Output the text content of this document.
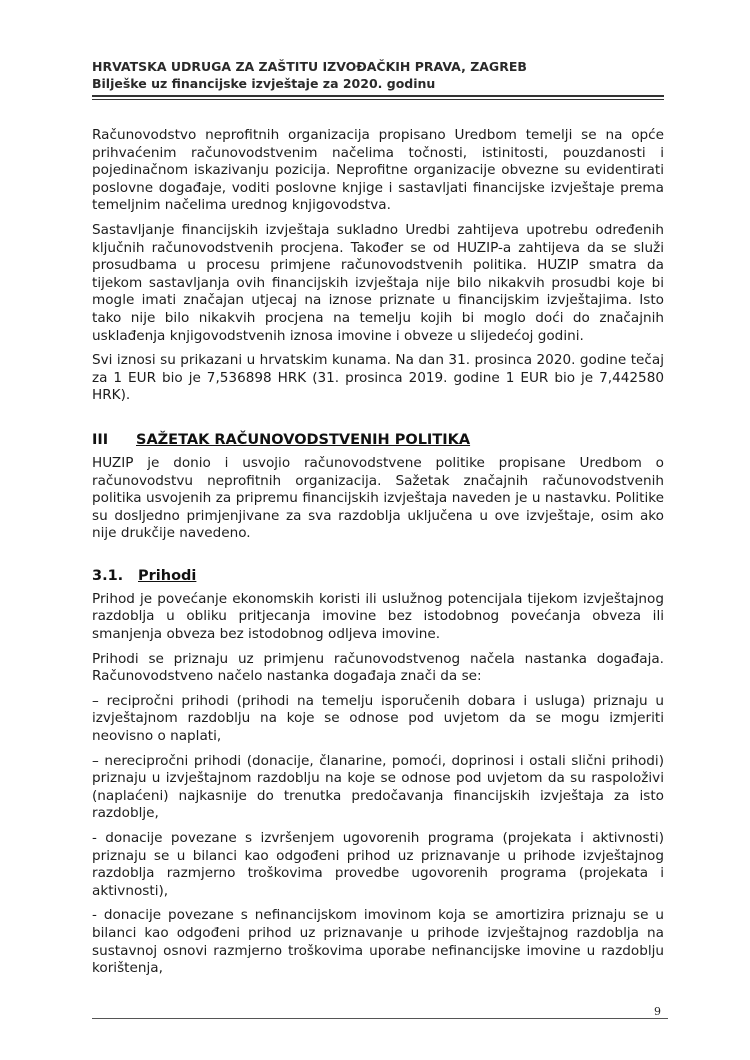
HRVATSKA UDRUGA ZA ZAŠTITU IZVOĐAČKIH PRAVA, ZAGREB
Bilješke uz financijske izvještaje za 2020. godinu

Računovodstvo neprofitnih organizacija propisano Uredbom temelji se na opće prihvaćenim računovodstvenim načelima točnosti, istinitosti, pouzdanosti i pojedinačnom iskazivanju pozicija. Neprofitne organizacije obvezne su evidentirati poslovne događaje, voditi poslovne knjige i sastavljati financijske izvještaje prema temeljnim načelima urednog knjigovodstva.

Sastavljanje financijskih izvještaja sukladno Uredbi zahtijeva upotrebu određenih ključnih računovodstvenih procjena. Također se od HUZIP-a zahtijeva da se služi prosudbama u procesu primjene računovodstvenih politika. HUZIP smatra da tijekom sastavljanja ovih financijskih izvještaja nije bilo nikakvih prosudbi koje bi mogle imati značajan utjecaj na iznose priznate u financijskim izvještajima. Isto tako nije bilo nikakvih procjena na temelju kojih bi moglo doći do značajnih usklađenja knjigovodstvenih iznosa imovine i obveze u slijedećoj godini.

Svi iznosi su prikazani u hrvatskim kunama. Na dan 31. prosinca 2020. godine tečaj za 1 EUR bio je 7,536898 HRK (31. prosinca 2019. godine 1 EUR bio je 7,442580 HRK).

III SAŽETAK RAČUNOVODSTVENIH POLITIKA

HUZIP je donio i usvojio računovodstvene politike propisane Uredbom o računovodstvu neprofitnih organizacija. Sažetak značajnih računovodstvenih politika usvojenih za pripremu financijskih izvještaja naveden je u nastavku. Politike su dosljedno primjenjivane za sva razdoblja uključena u ove izvještaje, osim ako nije drukčije navedeno.

3.1. Prihodi

Prihod je povećanje ekonomskih koristi ili uslužnog potencijala tijekom izvještajnog razdoblja u obliku pritjecanja imovine bez istodobnog povećanja obveza ili smanjenja obveza bez istodobnog odljeva imovine.

Prihodi se priznaju uz primjenu računovodstvenog načela nastanka događaja. Računovodstveno načelo nastanka događaja znači da se:

– recipročni prihodi (prihodi na temelju isporučenih dobara i usluga) priznaju u izvještajnom razdoblju na koje se odnose pod uvjetom da se mogu izmjeriti neovisno o naplati,

– nerecipročni prihodi (donacije, članarine, pomoći, doprinosi i ostali slični prihodi) priznaju u izvještajnom razdoblju na koje se odnose pod uvjetom da su raspoloživi (naplaćeni) najkasnije do trenutka predočavanja financijskih izvještaja za isto razdoblje,

- donacije povezane s izvršenjem ugovorenih programa (projekata i aktivnosti) priznaju se u bilanci kao odgođeni prihod uz priznavanje u prihode izvještajnog razdoblja razmjerno troškovima provedbe ugovorenih programa (projekata i aktivnosti),

- donacije povezane s nefinancijskom imovinom koja se amortizira priznaju se u bilanci kao odgođeni prihod uz priznavanje u prihode izvještajnog razdoblja na sustavnoj osnovi razmjerno troškovima uporabe nefinancijske imovine u razdoblju korištenja,

9
